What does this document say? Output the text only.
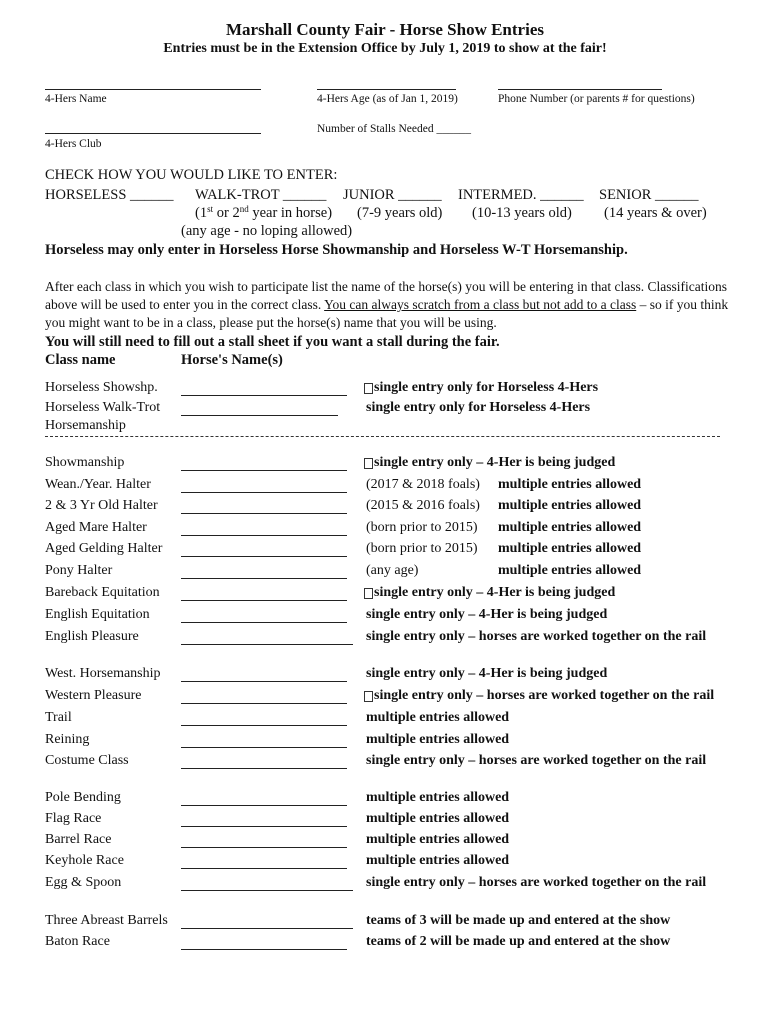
Marshall County Fair - Horse Show Entries
Entries must be in the Extension Office by July 1, 2019 to show at the fair!
4-Hers Name	4-Hers Age (as of Jan 1, 2019)	Phone Number (or parents # for questions)
4-Hers Club
Number of Stalls Needed ______
CHECK HOW YOU WOULD LIKE TO ENTER:
HORSELESS ______ WALK-TROT ______ JUNIOR ______ INTERMED. ______ SENIOR ______
(1st or 2nd year in horse) (7-9 years old) (10-13 years old) (14 years & over)
(any age - no loping allowed)
Horseless may only enter in Horseless Horse Showmanship and Horseless W-T Horsemanship.
After each class in which you wish to participate list the name of the horse(s) you will be entering in that class. Classifications above will be used to enter you in the correct class. You can always scratch from a class but not add to a class – so if you think you might want to be in a class, please put the horse(s) name that you will be using.
You will still need to fill out a stall sheet if you want a stall during the fair.
Class name	Horse's Name(s)
Horseless Showshp.	single entry only for Horseless 4-Hers
Horseless Walk-Trot	single entry only for Horseless 4-Hers
Horsemanship
Showmanship	single entry only – 4-Her is being judged
Wean./Year. Halter	(2017 & 2018 foals) multiple entries allowed
2 & 3 Yr Old Halter	(2015 & 2016 foals) multiple entries allowed
Aged Mare Halter	(born prior to 2015) multiple entries allowed
Aged Gelding Halter	(born prior to 2015) multiple entries allowed
Pony Halter	(any age)	multiple entries allowed
Bareback Equitation	single entry only – 4-Her is being judged
English Equitation	single entry only – 4-Her is being judged
English Pleasure	single entry only – horses are worked together on the rail
West. Horsemanship	single entry only – 4-Her is being judged
Western Pleasure	single entry only – horses are worked together on the rail
Trail	multiple entries allowed
Reining	multiple entries allowed
Costume Class	single entry only – horses are worked together on the rail
Pole Bending	multiple entries allowed
Flag Race	multiple entries allowed
Barrel Race	multiple entries allowed
Keyhole Race	multiple entries allowed
Egg & Spoon	single entry only – horses are worked together on the rail
Three Abreast Barrels	teams of 3 will be made up and entered at the show
Baton Race	teams of 2 will be made up and entered at the show
